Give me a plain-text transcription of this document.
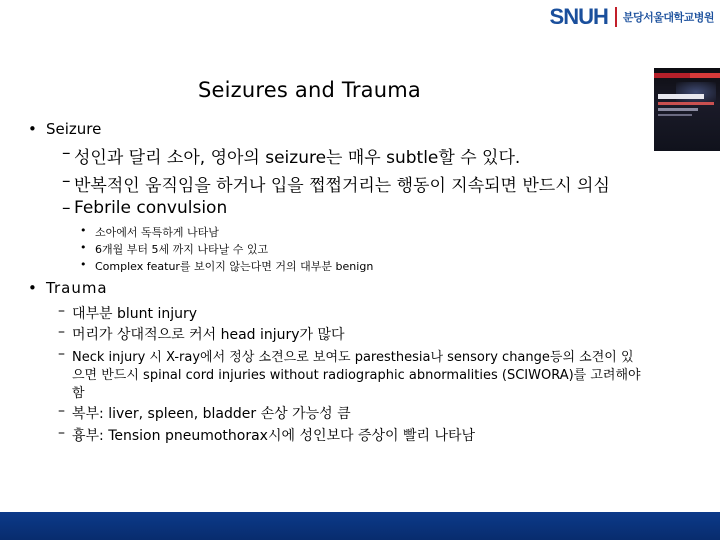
SNUH 분당서울대학교병원
Seizures and Trauma
• Seizure
– 성인과 달리 소아, 영아의 seizure는 매우 subtle할 수 있다.
– 반복적인 움직임을 하거나 입을 쩝쩝거리는 행동이 지속되면 반드시 의심
– Febrile convulsion
• 소아에서 독특하게 나타남
• 6개월 부터 5세 까지 나타날 수 있고
• Complex featur를 보이지 않는다면 거의 대부분 benign
• Trauma
– 대부분 blunt injury
– 머리가 상대적으로 커서 head injury가 많다
– Neck injury 시 X-ray에서 정상 소견으로 보여도 paresthesia나 sensory change등의 소견이 있
으면 반드시 spinal cord injuries without radiographic abnormalities (SCIWORA)를 고려해야
함
– 복부: liver, spleen, bladder 손상 가능성 큼
– 흉부: Tension pneumothorax시에 성인보다 증상이 빨리 나타남
